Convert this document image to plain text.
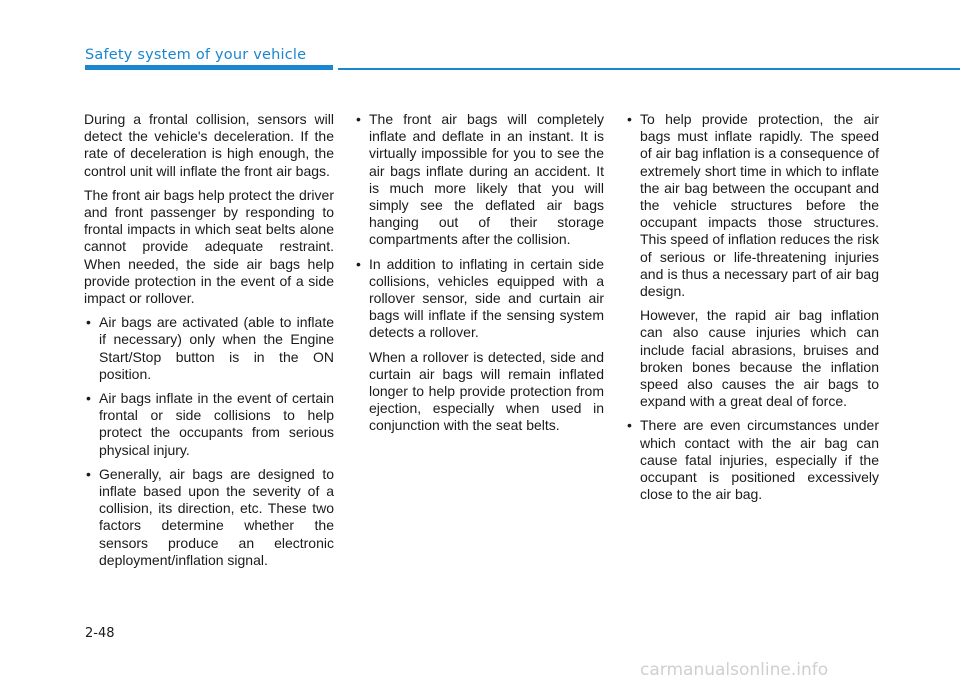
Safety system of your vehicle

During a frontal collision, sensors will detect the vehicle's deceleration. If the rate of deceleration is high enough, the control unit will inflate the front air bags.

The front air bags help protect the driver and front passenger by responding to frontal impacts in which seat belts alone cannot provide adequate restraint. When needed, the side air bags help provide protection in the event of a side impact or rollover.

• Air bags are activated (able to inflate if necessary) only when the Engine Start/Stop button is in the ON position.
• Air bags inflate in the event of certain frontal or side collisions to help protect the occupants from serious physical injury.
• Generally, air bags are designed to inflate based upon the severity of a collision, its direction, etc. These two factors determine whether the sensors produce an electronic deployment/inflation signal.
• The front air bags will completely inflate and deflate in an instant. It is virtually impossible for you to see the air bags inflate during an accident. It is much more likely that you will simply see the deflated air bags hanging out of their storage compartments after the collision.
• In addition to inflating in certain side collisions, vehicles equipped with a rollover sensor, side and curtain air bags will inflate if the sensing system detects a rollover.

When a rollover is detected, side and curtain air bags will remain inflated longer to help provide protection from ejection, especially when used in conjunction with the seat belts.

• To help provide protection, the air bags must inflate rapidly. The speed of air bag inflation is a consequence of extremely short time in which to inflate the air bag between the occupant and the vehicle structures before the occupant impacts those structures. This speed of inflation reduces the risk of serious or life-threatening injuries and is thus a necessary part of air bag design.

However, the rapid air bag inflation can also cause injuries which can include facial abrasions, bruises and broken bones because the inflation speed also causes the air bags to expand with a great deal of force.

• There are even circumstances under which contact with the air bag can cause fatal injuries, especially if the occupant is positioned excessively close to the air bag.
2-48
carmanualsonline.info
